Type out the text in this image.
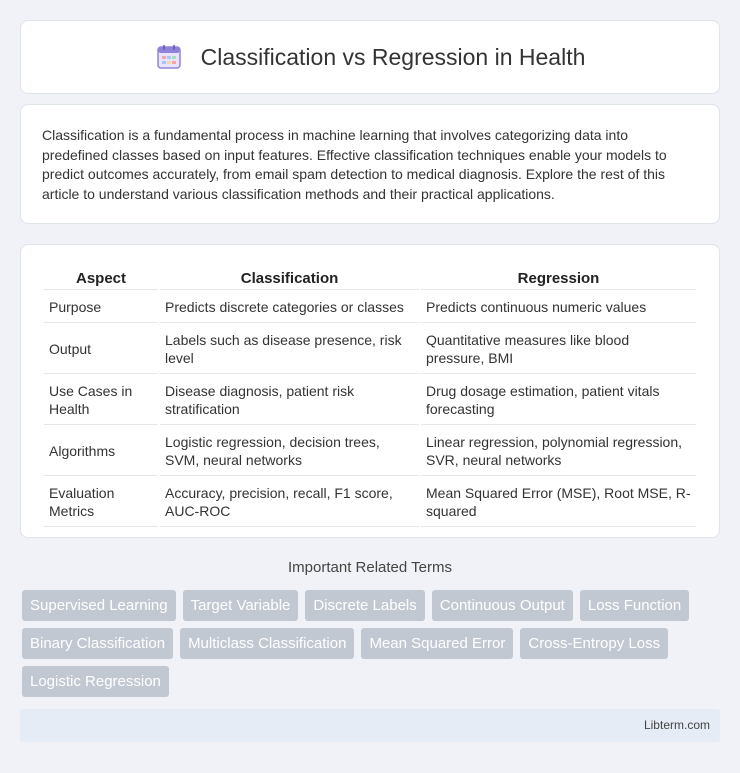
Classification vs Regression in Health

Classification is a fundamental process in machine learning that involves categorizing data into predefined classes based on input features. Effective classification techniques enable your models to predict outcomes accurately, from email spam detection to medical diagnosis. Explore the rest of this article to understand various classification methods and their practical applications.

Aspect	Classification	Regression
Purpose	Predicts discrete categories or classes	Predicts continuous numeric values
Output	Labels such as disease presence, risk level	Quantitative measures like blood pressure, BMI
Use Cases in Health	Disease diagnosis, patient risk stratification	Drug dosage estimation, patient vitals forecasting
Algorithms	Logistic regression, decision trees, SVM, neural networks	Linear regression, polynomial regression, SVR, neural networks
Evaluation Metrics	Accuracy, precision, recall, F1 score, AUC-ROC	Mean Squared Error (MSE), Root MSE, R-squared
Important Related Terms
Supervised Learning	Target Variable	Discrete Labels	Continuous Output	Loss Function
Binary Classification	Multiclass Classification	Mean Squared Error	Cross-Entropy Loss
Logistic Regression
Libterm.com
